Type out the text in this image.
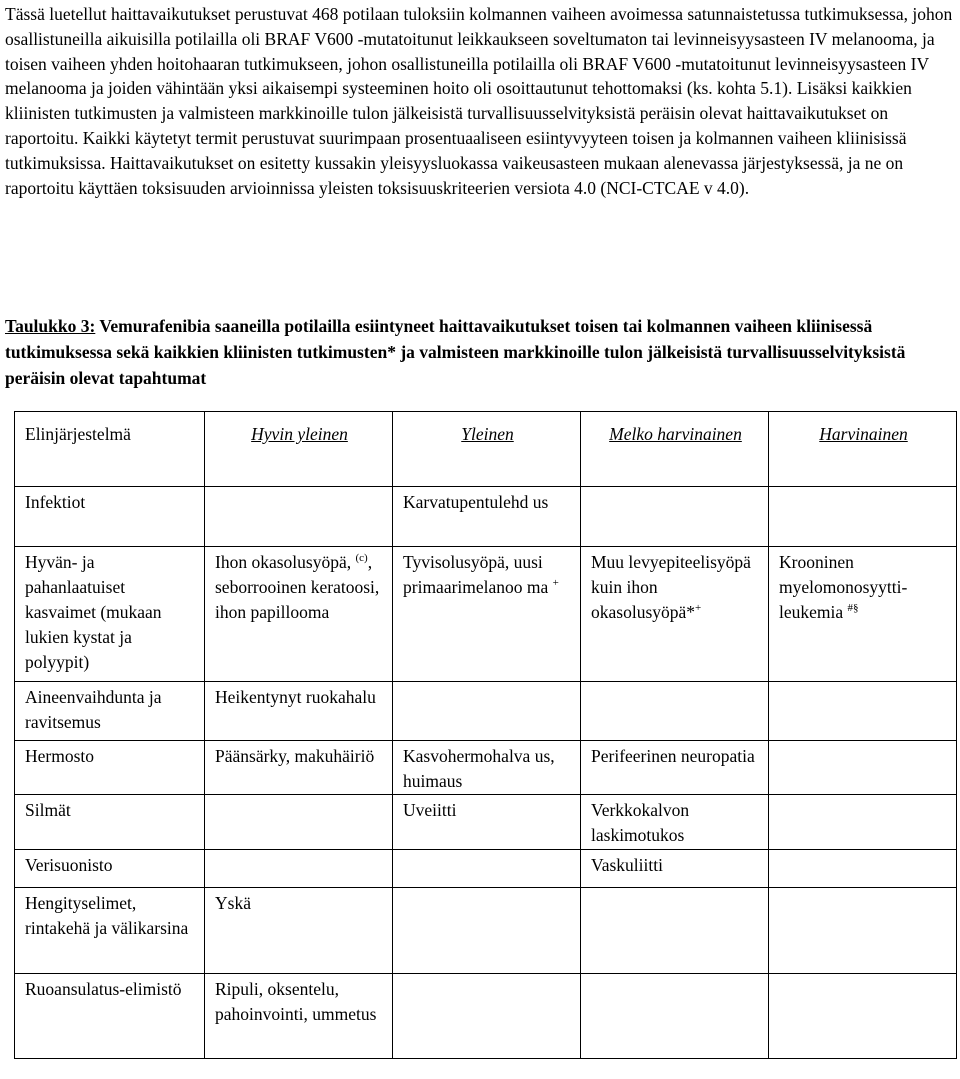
Tässä luetellut haittavaikutukset perustuvat 468 potilaan tuloksiin kolmannen vaiheen avoimessa satunnaistetussa tutkimuksessa, johon osallistuneilla aikuisilla potilailla oli BRAF V600 -mutatoitunut leikkaukseen soveltumaton tai levinneisyysasteen IV melanooma, ja toisen vaiheen yhden hoitohaaran tutkimukseen, johon osallistuneilla potilailla oli BRAF V600 -mutatoitunut levinneisyysasteen IV melanooma ja joiden vähintään yksi aikaisempi systeeminen hoito oli osoittautunut tehottomaksi (ks. kohta 5.1). Lisäksi kaikkien kliinisten tutkimusten ja valmisteen markkinoille tulon jälkeisistä turvallisuusselvityksistä peräisin olevat haittavaikutukset on raportoitu. Kaikki käytetyt termit perustuvat suurimpaan prosentuaaliseen esiintyvyyteen toisen ja kolmannen vaiheen kliinisissä tutkimuksissa. Haittavaikutukset on esitetty kussakin yleisyysluokassa vaikeusasteen mukaan alenevassa järjestyksessä, ja ne on raportoitu käyttäen toksisuuden arvioinnissa yleisten toksisuuskriteerien versiota 4.0 (NCI-CTCAE v 4.0).

Taulukko 3: Vemurafenibia saaneilla potilailla esiintyneet haittavaikutukset toisen tai kolmannen vaiheen kliinisessä tutkimuksessa sekä kaikkien kliinisten tutkimusten* ja valmisteen markkinoille tulon jälkeisistä turvallisuusselvityksistä peräisin olevat tapahtumat

Elinjärjestelmä	Hyvin yleinen	Yleinen	Melko harvinainen	Harvinainen
Infektiot		Karvatupentulehd us		
Hyvän- ja pahanlaatuiset kasvaimet (mukaan lukien kystat ja polyypit)	Ihon okasolusyöpä, $^{(c)}$, seborrooinen keratoosi, ihon papillooma	Tyvisolusyöpä, uusi primaarimelanoo ma +	Muu levyepiteelisyöpä kuin ihon okasolusyöpä*+	Krooninen myelomonosyytti-leukemia #§
Aineenvaihdunta ja ravitsemus	Heikentynyt ruokahalu			
Hermosto	Päänsärky, makuhäiriö	Kasvohermohalva us, huimaus	Perifeerinen neuropatia	
Silmät		Uveiitti	Verkkokalvon laskimotukos	
Verisuonisto			Vaskuliitti	
Hengityselimet, rintakehä ja välikarsina	Yskä			
Ruoansulatus-elimistö	Ripuli, oksentelu, pahoinvointi, ummetus			
